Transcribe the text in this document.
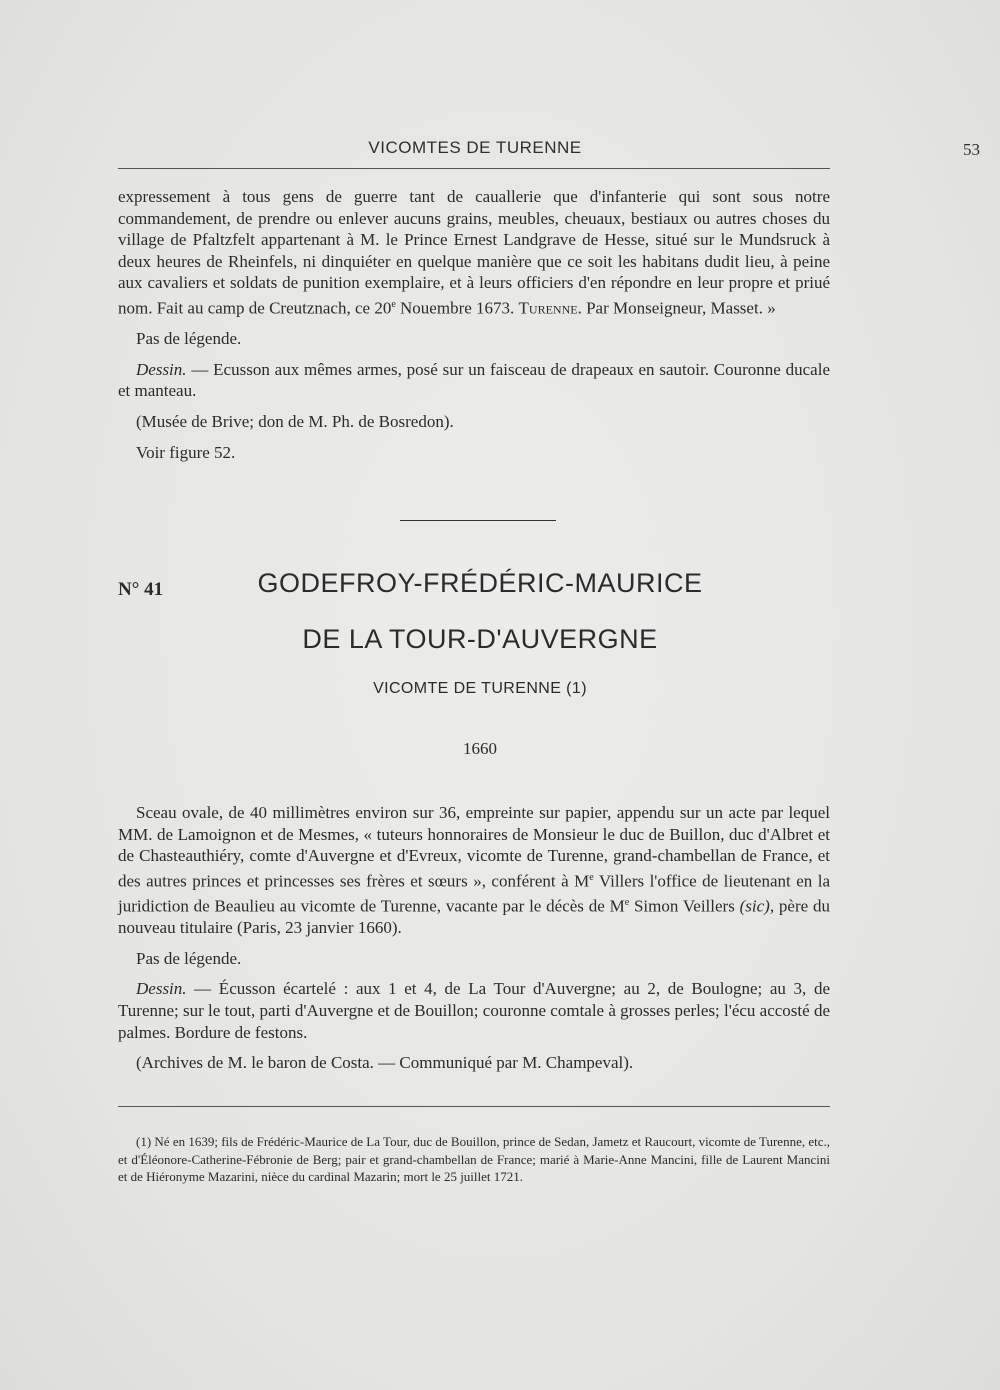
VICOMTES DE TURENNE	53

expressement à tous gens de guerre tant de cauallerie que d'infanterie qui sont sous notre commandement, de prendre ou enlever aucuns grains, meubles, cheuaux, bestiaux ou autres choses du village de Pfaltzfelt appartenant à M. le Prince Ernest Landgrave de Hesse, situé sur le Mundsruck à deux heures de Rheinfels, ni dinquiéter en quelque manière que ce soit les habitans dudit lieu, à peine aux cavaliers et soldats de punition exemplaire, et à leurs officiers d'en répondre en leur propre et priué nom. Fait au camp de Creutznach, ce 20e Nouembre 1673. Turenne. Par Monseigneur, Masset. »

Pas de légende.

Dessin. — Ecusson aux mêmes armes, posé sur un faisceau de drapeaux en sautoir. Couronne ducale et manteau.

(Musée de Brive; don de M. Ph. de Bosredon).

Voir figure 52.

N° 41	GODEFROY-FRÉDÉRIC-MAURICE
DE LA TOUR-D'AUVERGNE
VICOMTE DE TURENNE (1)
1660

Sceau ovale, de 40 millimètres environ sur 36, empreinte sur papier, appendu sur un acte par lequel MM. de Lamoignon et de Mesmes, « tuteurs honnoraires de Monsieur le duc de Buillon, duc d'Albret et de Chasteauthiéry, comte d'Auvergne et d'Evreux, vicomte de Turenne, grand-chambellan de France, et des autres princes et princesses ses frères et sœurs », conférent à Me Villers l'office de lieutenant en la juridiction de Beaulieu au vicomte de Turenne, vacante par le décès de Me Simon Veillers (sic), père du nouveau titulaire (Paris, 23 janvier 1660).

Pas de légende.

Dessin. — Écusson écartelé : aux 1 et 4, de La Tour d'Auvergne; au 2, de Boulogne; au 3, de Turenne; sur le tout, parti d'Auvergne et de Bouillon; couronne comtale à grosses perles; l'écu accosté de palmes. Bordure de festons.

(Archives de M. le baron de Costa. — Communiqué par M. Champeval).

(1) Né en 1639; fils de Frédéric-Maurice de La Tour, duc de Bouillon, prince de Sedan, Jametz et Raucourt, vicomte de Turenne, etc., et d'Éléonore-Catherine-Fébronie de Berg; pair et grand-chambellan de France; marié à Marie-Anne Mancini, fille de Laurent Mancini et de Hiéronyme Mazarini, nièce du cardinal Mazarin; mort le 25 juillet 1721.
